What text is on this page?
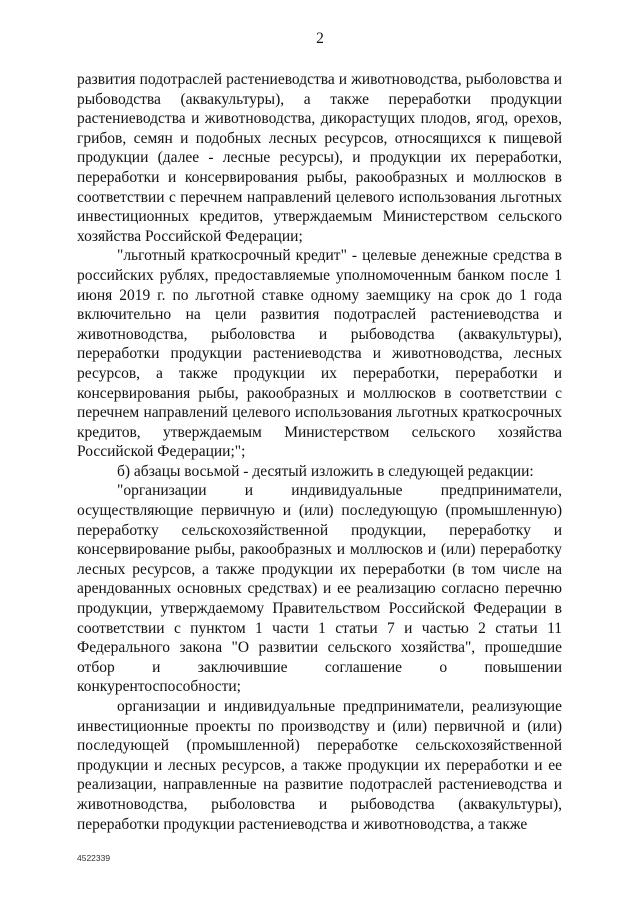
2

развития подотраслей растениеводства и животноводства, рыболовства и рыбоводства (аквакультуры), а также переработки продукции растениеводства и животноводства, дикорастущих плодов, ягод, орехов, грибов, семян и подобных лесных ресурсов, относящихся к пищевой продукции (далее - лесные ресурсы), и продукции их переработки, переработки и консервирования рыбы, ракообразных и моллюсков в соответствии с перечнем направлений целевого использования льготных инвестиционных кредитов, утверждаемым Министерством сельского хозяйства Российской Федерации;

"льготный краткосрочный кредит" - целевые денежные средства в российских рублях, предоставляемые уполномоченным банком после 1 июня 2019 г. по льготной ставке одному заемщику на срок до 1 года включительно на цели развития подотраслей растениеводства и животноводства, рыболовства и рыбоводства (аквакультуры), переработки продукции растениеводства и животноводства, лесных ресурсов, а также продукции их переработки, переработки и консервирования рыбы, ракообразных и моллюсков в соответствии с перечнем направлений целевого использования льготных краткосрочных кредитов, утверждаемым Министерством сельского хозяйства Российской Федерации;";

б) абзацы восьмой - десятый изложить в следующей редакции:

"организации и индивидуальные предприниматели, осуществляющие первичную и (или) последующую (промышленную) переработку сельскохозяйственной продукции, переработку и консервирование рыбы, ракообразных и моллюсков и (или) переработку лесных ресурсов, а также продукции их переработки (в том числе на арендованных основных средствах) и ее реализацию согласно перечню продукции, утверждаемому Правительством Российской Федерации в соответствии с пунктом 1 части 1 статьи 7 и частью 2 статьи 11 Федерального закона "О развитии сельского хозяйства", прошедшие отбор и заключившие соглашение о повышении конкурентоспособности;

организации и индивидуальные предприниматели, реализующие инвестиционные проекты по производству и (или) первичной и (или) последующей (промышленной) переработке сельскохозяйственной продукции и лесных ресурсов, а также продукции их переработки и ее реализации, направленные на развитие подотраслей растениеводства и животноводства, рыболовства и рыбоводства (аквакультуры), переработки продукции растениеводства и животноводства, а также

4522339
